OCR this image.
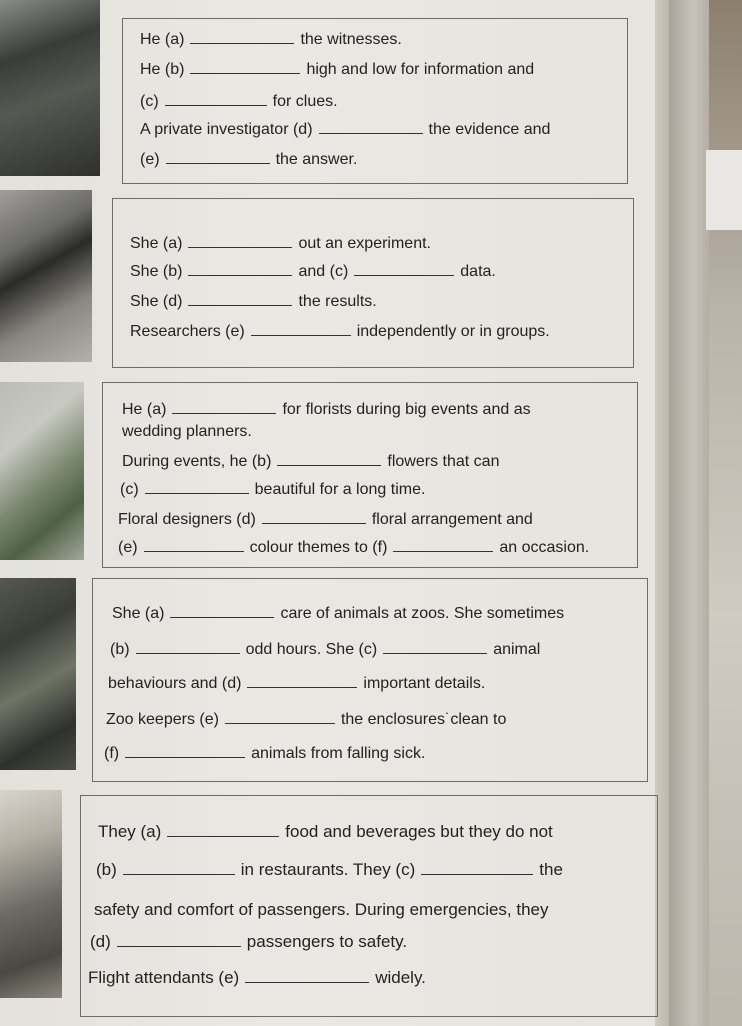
He (a)	the witnesses.
He (b)	high and low for information and
(c)	for clues.
A private investigator (d)	the evidence and
(e)	the answer.
She (a)	out an experiment.
She (b)	and (c)	data.
She (d)	the results.
Researchers (e)	independently or in groups.
He (a)	for florists during big events and as
wedding planners.
During events, he (b)	flowers that can
(c)	beautiful for a long time.
Floral designers (d)	floral arrangement and
(e)	colour themes to (f)	an occasion.
She (a)	care of animals at zoos. She sometimes
(b)	odd hours. She (c)	animal
behaviours and (d)	important details.
Zoo keepers (e)	the enclosures˙clean to
(f)	animals from falling sick.
They (a)	food and beverages but they do not
(b)	in restaurants. They (c)	the
safety and comfort of passengers. During emergencies, they
(d)	passengers to safety.
Flight attendants (e)	widely.
